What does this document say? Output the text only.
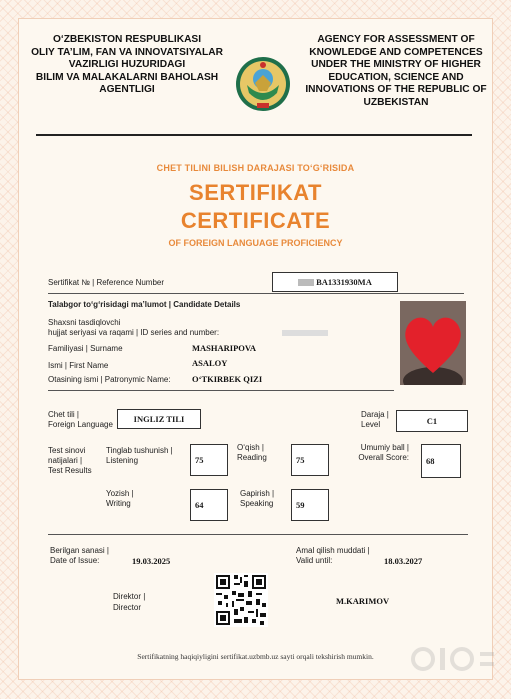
O‘ZBEKISTON RESPUBLIKASI
OLIY TA’LIM, FAN VA INNOVATSIYALAR
VAZIRLIGI HUZURIDAGI
BILIM VA MALAKALARNI BAHOLASH
AGENTLIGI
AGENCY FOR ASSESSMENT OF
KNOWLEDGE AND COMPETENCES
UNDER THE MINISTRY OF HIGHER
EDUCATION, SCIENCE AND
INNOVATIONS OF THE REPUBLIC OF
UZBEKISTAN
CHET TILINI BILISH DARAJASI TO‘G‘RISIDA
SERTIFIKAT
CERTIFICATE
OF FOREIGN LANGUAGE PROFICIENCY
Sertifikat № | Reference Number	BA1331930MA
Talabgor to‘g‘risidagi ma’lumot | Candidate Details
Shaxsni tasdiqlovchi
hujjat seriyasi va raqami | ID series and number:
Familiyasi | Surname	MASHARIPOVA
Ismi | First Name	ASALOY
Otasining ismi | Patronymic Name:	O‘TKIRBEK QIZI
Chet tili |
Foreign Language
INGLIZ TILI	Daraja |
Level	C1
Test sinovi
natijalari |
Test Results
Tinglab tushunish |
Listening	75
O‘qish |
Reading	75
Umumiy ball |
Overall Score:	68
Yozish |
Writing	64
Gapirish |
Speaking	59
Berilgan sanasi |
Date of Issue:	19.03.2025
Amal qilish muddati |
Valid until:	18.03.2027
Direktor |
Director
M.KARIMOV
Sertifikatning haqiqiyligini sertifikat.uzbmb.uz sayti orqali tekshirish mumkin.
